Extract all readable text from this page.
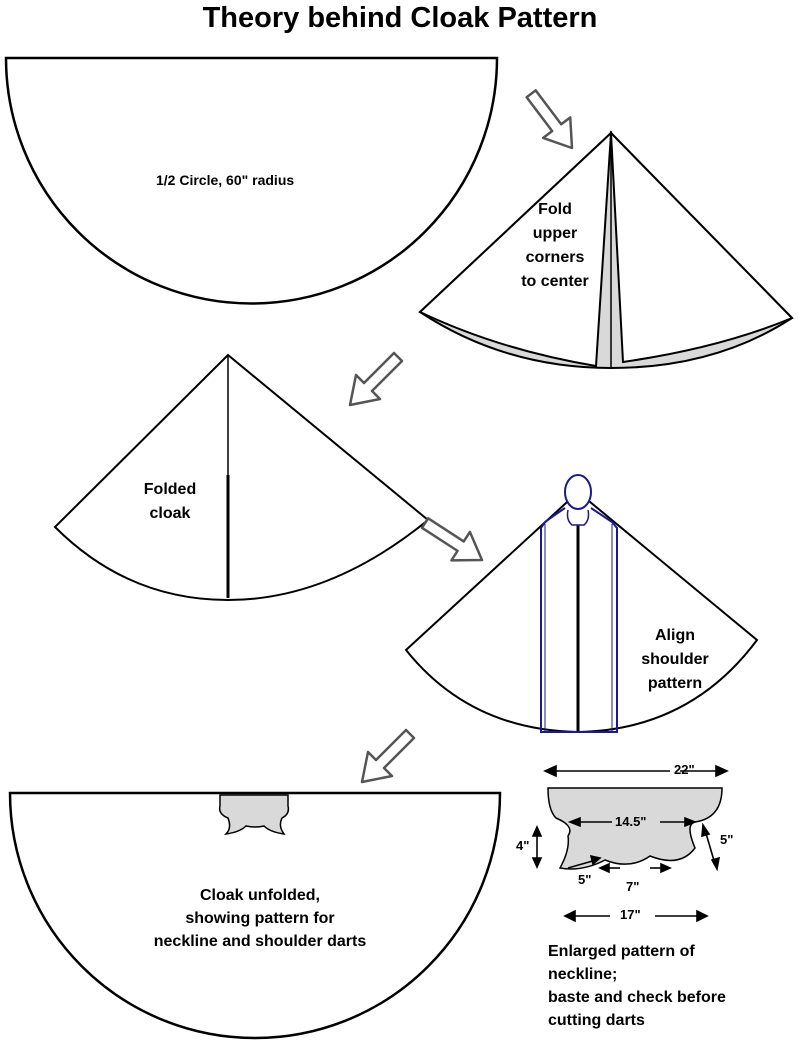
Theory behind Cloak Pattern
1/2 Circle, 60" radius
Fold
upper
corners
to center
Folded
cloak
Align
shoulder
pattern
Cloak unfolded,
showing pattern for
neckline and shoulder darts
22"
14.5"
4"	5"
5"	7"
17"
Enlarged pattern of
neckline;
baste and check before
cutting darts
